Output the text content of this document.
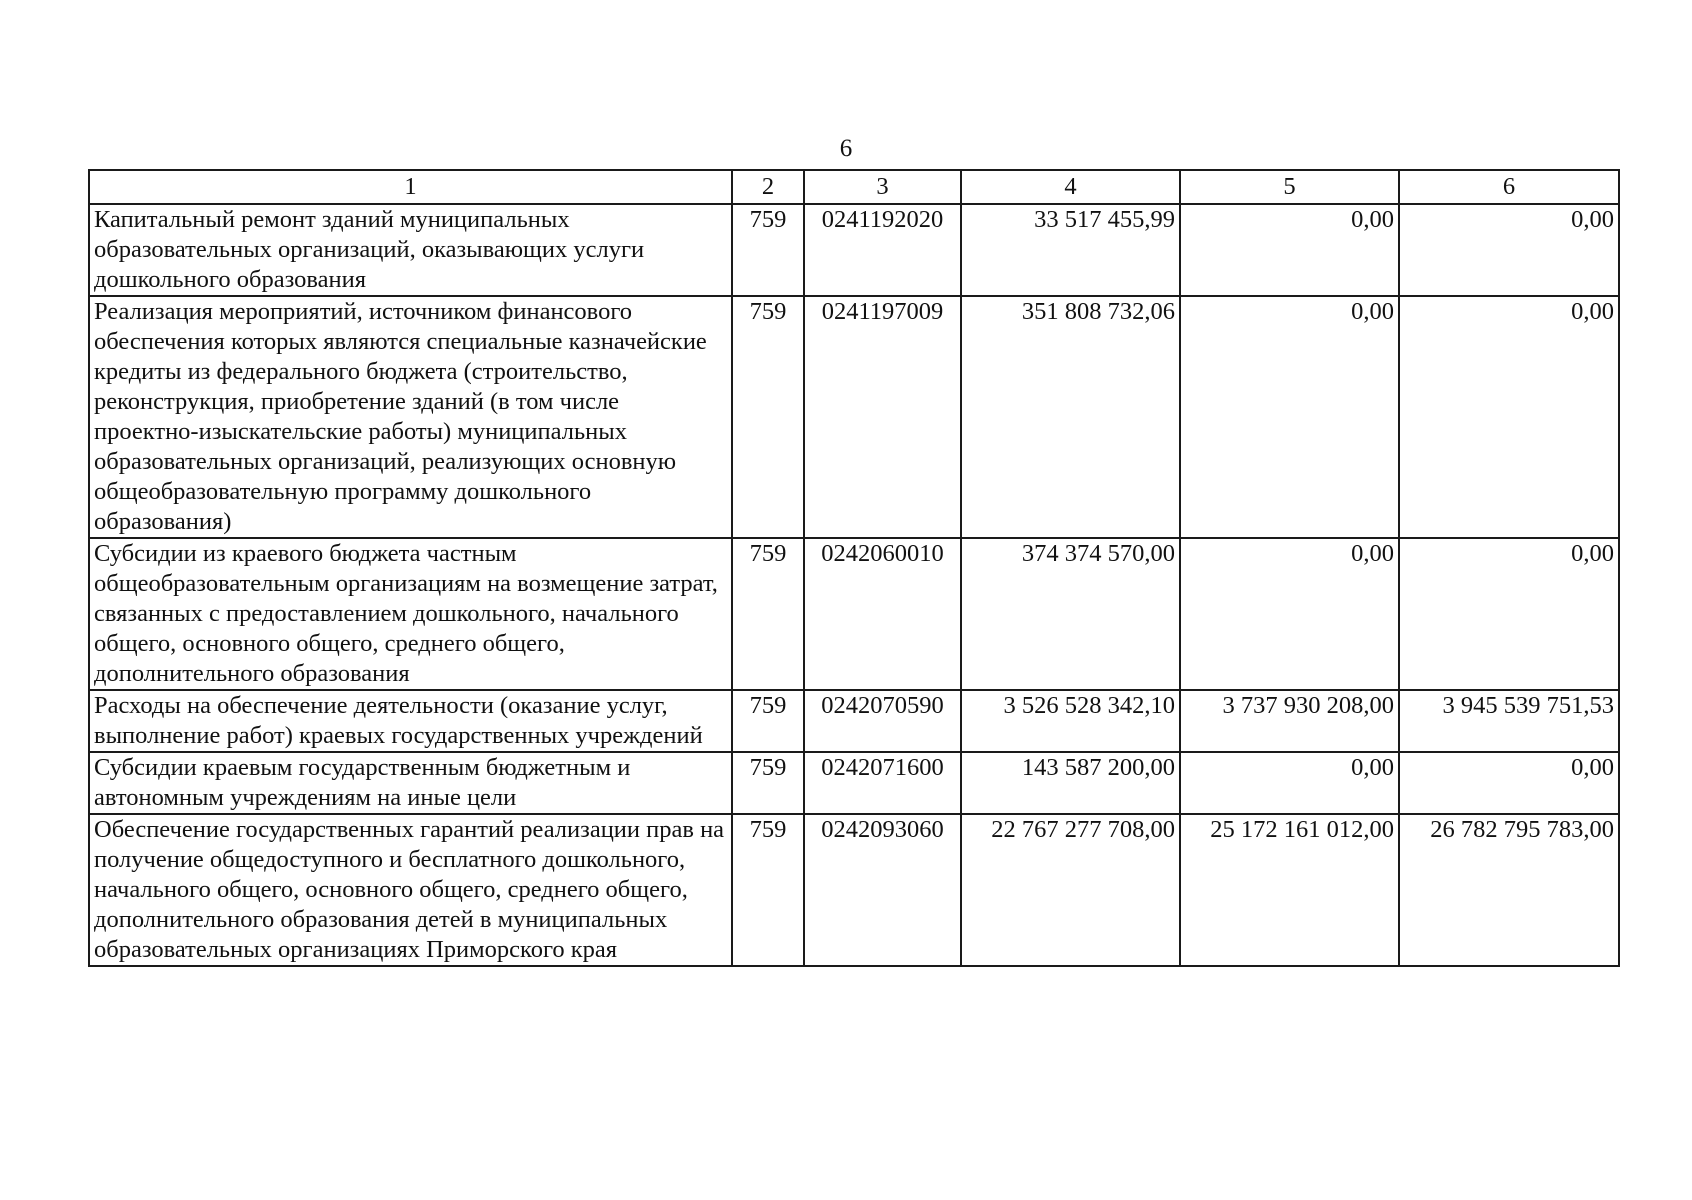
6
1	2	3	4	5	6
Капитальный ремонт зданий муниципальных образовательных организаций, оказывающих услуги дошкольного образования	759	0241192020	33 517 455,99	0,00	0,00
Реализация мероприятий, источником финансового обеспечения которых являются специальные казначейские кредиты из федерального бюджета (строительство, реконструкция, приобретение зданий (в том числе проектно-изыскательские работы) муниципальных образовательных организаций, реализующих основную общеобразовательную программу дошкольного образования)	759	0241197009	351 808 732,06	0,00	0,00
Субсидии из краевого бюджета частным общеобразовательным организациям на возмещение затрат, связанных с предоставлением дошкольного, начального общего, основного общего, среднего общего, дополнительного образования	759	0242060010	374 374 570,00	0,00	0,00
Расходы на обеспечение деятельности (оказание услуг, выполнение работ) краевых государственных учреждений	759	0242070590	3 526 528 342,10	3 737 930 208,00	3 945 539 751,53
Субсидии краевым государственным бюджетным и автономным учреждениям на иные цели	759	0242071600	143 587 200,00	0,00	0,00
Обеспечение государственных гарантий реализации прав на получение общедоступного и бесплатного дошкольного, начального общего, основного общего, среднего общего, дополнительного образования детей в муниципальных образовательных организациях Приморского края	759	0242093060	22 767 277 708,00	25 172 161 012,00	26 782 795 783,00
